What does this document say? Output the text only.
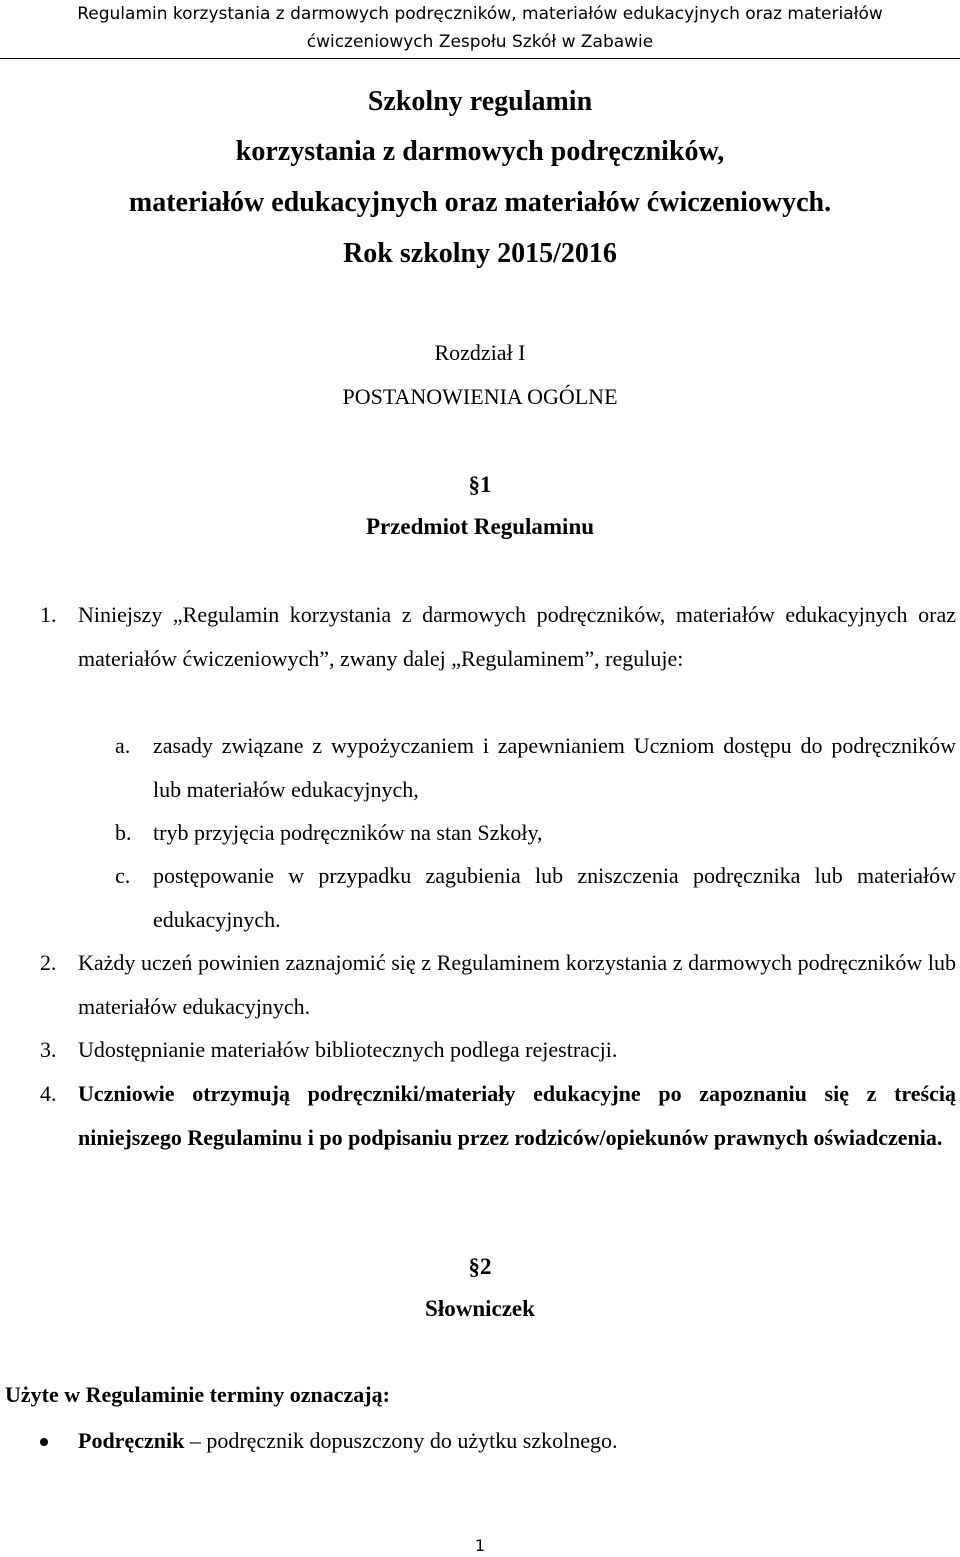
Regulamin korzystania z darmowych podręczników, materiałów edukacyjnych oraz materiałów
ćwiczeniowych Zespołu Szkół w Zabawie
Szkolny regulamin
korzystania z darmowych podręczników,
materiałów edukacyjnych oraz materiałów ćwiczeniowych.
Rok szkolny 2015/2016
Rozdział I
POSTANOWIENIA OGÓLNE
§1
Przedmiot Regulaminu
1. Niniejszy „Regulamin korzystania z darmowych podręczników, materiałów edukacyjnych oraz materiałów ćwiczeniowych”, zwany dalej „Regulaminem”, reguluje:
a. zasady związane z wypożyczaniem i zapewnianiem Uczniom dostępu do podręczników lub materiałów edukacyjnych,
b. tryb przyjęcia podręczników na stan Szkoły,
c. postępowanie w przypadku zagubienia lub zniszczenia podręcznika lub materiałów edukacyjnych.
2. Każdy uczeń powinien zaznajomić się z Regulaminem korzystania z darmowych podręczników lub materiałów edukacyjnych.
3. Udostępnianie materiałów bibliotecznych podlega rejestracji.
4. Uczniowie otrzymują podręczniki/materiały edukacyjne po zapoznaniu się z treścią niniejszego Regulaminu i po podpisaniu przez rodziców/opiekunów prawnych oświadczenia.
§2
Słowniczek
Użyte w Regulaminie terminy oznaczają:
Podręcznik – podręcznik dopuszczony do użytku szkolnego.
1
